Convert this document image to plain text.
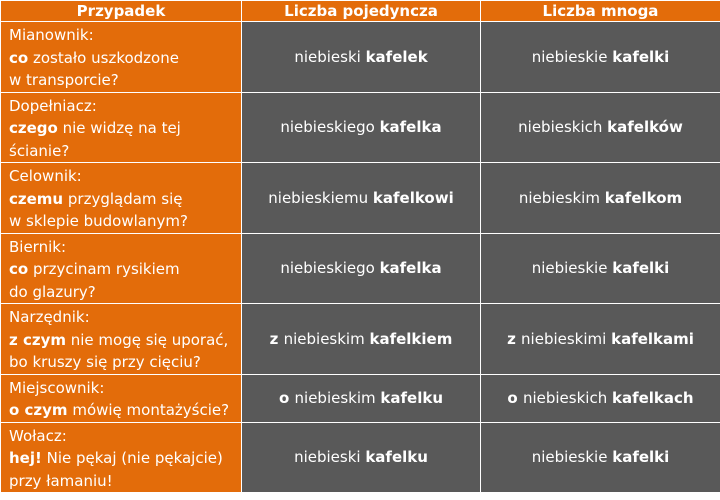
Przypadek	Liczba pojedyncza	Liczba mnoga

Mianownik:
co zostało uszkodzone
w transporcie?	niebieski kafelek	niebieskie kafelki

Dopełniacz:
czego nie widzę na tej
ścianie?	niebieskiego kafelka	niebieskich kafelków

Celownik:
czemu przyglądam się
w sklepie budowlanym?	niebieskiemu kafelkowi	niebieskim kafelkom

Biernik:
co przycinam rysikiem
do glazury?	niebieskiego kafelka	niebieskie kafelki

Narzędnik:
z czym nie mogę się uporać,
bo kruszy się przy cięciu?	z niebieskim kafelkiem	z niebieskimi kafelkami

Miejscownik:
o czym mówię montażyście?	o niebieskim kafelku	o niebieskich kafelkach

Wołacz:
hej! Nie pękaj (nie pękajcie)
przy łamaniu!	niebieski kafelku	niebieskie kafelki
